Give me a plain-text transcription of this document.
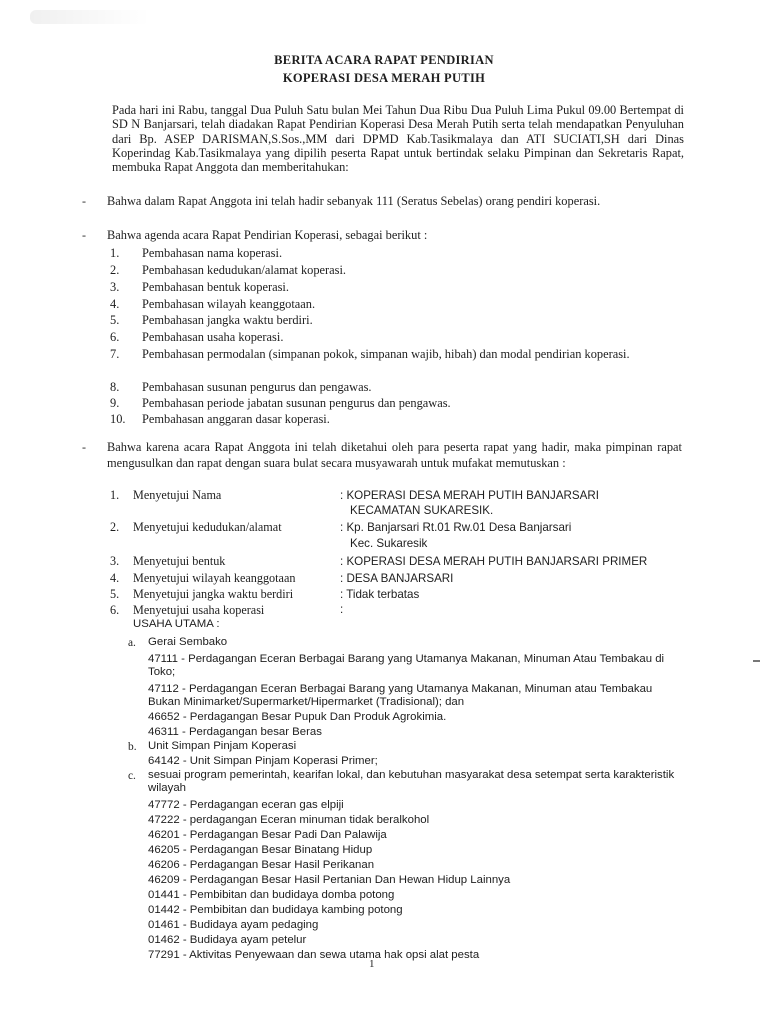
BERITA ACARA RAPAT PENDIRIAN
KOPERASI DESA MERAH PUTIH
Pada hari ini Rabu, tanggal Dua Puluh Satu bulan Mei Tahun Dua Ribu Dua Puluh Lima Pukul 09.00 Bertempat di SD N Banjarsari, telah diadakan Rapat Pendirian Koperasi Desa Merah Putih serta telah mendapatkan Penyuluhan dari Bp. ASEP DARISMAN,S.Sos.,MM dari DPMD Kab.Tasikmalaya dan ATI SUCIATI,SH dari Dinas Koperindag Kab.Tasikmalaya yang dipilih peserta Rapat untuk bertindak selaku Pimpinan dan Sekretaris Rapat, membuka Rapat Anggota dan memberitahukan:
- Bahwa dalam Rapat Anggota ini telah hadir sebanyak 111 (Seratus Sebelas) orang pendiri koperasi.
- Bahwa agenda acara Rapat Pendirian Koperasi, sebagai berikut :
1.	Pembahasan nama koperasi.
2.	Pembahasan kedudukan/alamat koperasi.
3.	Pembahasan bentuk koperasi.
4.	Pembahasan wilayah keanggotaan.
5.	Pembahasan jangka waktu berdiri.
6.	Pembahasan usaha koperasi.
7.	Pembahasan permodalan (simpanan pokok, simpanan wajib, hibah) dan modal pendirian koperasi.
8.	Pembahasan susunan pengurus dan pengawas.
9.	Pembahasan periode jabatan susunan pengurus dan pengawas.
10.	Pembahasan anggaran dasar koperasi.
- Bahwa karena acara Rapat Anggota ini telah diketahui oleh para peserta rapat yang hadir, maka pimpinan rapat mengusulkan dan rapat dengan suara bulat secara musyawarah untuk mufakat memutuskan :
1. Menyetujui Nama	: KOPERASI DESA MERAH PUTIH BANJARSARI
KECAMATAN SUKARESIK.
2. Menyetujui kedudukan/alamat	: Kp. Banjarsari Rt.01 Rw.01 Desa Banjarsari
Kec. Sukaresik
3. Menyetujui bentuk	: KOPERASI DESA MERAH PUTIH BANJARSARI PRIMER
4. Menyetujui wilayah keanggotaan	: DESA BANJARSARI
5. Menyetujui jangka waktu berdiri	: Tidak terbatas
6. Menyetujui usaha koperasi	:
USAHA UTAMA :
a. Gerai Sembako
47111 - Perdagangan Eceran Berbagai Barang yang Utamanya Makanan, Minuman Atau Tembakau di Toko;
47112 - Perdagangan Eceran Berbagai Barang yang Utamanya Makanan, Minuman atau Tembakau Bukan Minimarket/Supermarket/Hipermarket (Tradisional); dan
46652 - Perdagangan Besar Pupuk Dan Produk Agrokimia.
46311 - Perdagangan besar Beras
b. Unit Simpan Pinjam Koperasi
64142 - Unit Simpan Pinjam Koperasi Primer;
c. sesuai program pemerintah, kearifan lokal, dan kebutuhan masyarakat desa setempat serta karakteristik wilayah
47772 - Perdagangan eceran gas elpiji
47222 - perdagangan Eceran minuman tidak beralkohol
46201 - Perdagangan Besar Padi Dan Palawija
46205 - Perdagangan Besar Binatang Hidup
46206 - Perdagangan Besar Hasil Perikanan
46209 - Perdagangan Besar Hasil Pertanian Dan Hewan Hidup Lainnya
01441 - Pembibitan dan budidaya domba potong
01442 - Pembibitan dan budidaya kambing potong
01461 - Budidaya ayam pedaging
01462 - Budidaya ayam petelur
77291 - Aktivitas Penyewaan dan sewa utama hak opsi alat pesta
1
